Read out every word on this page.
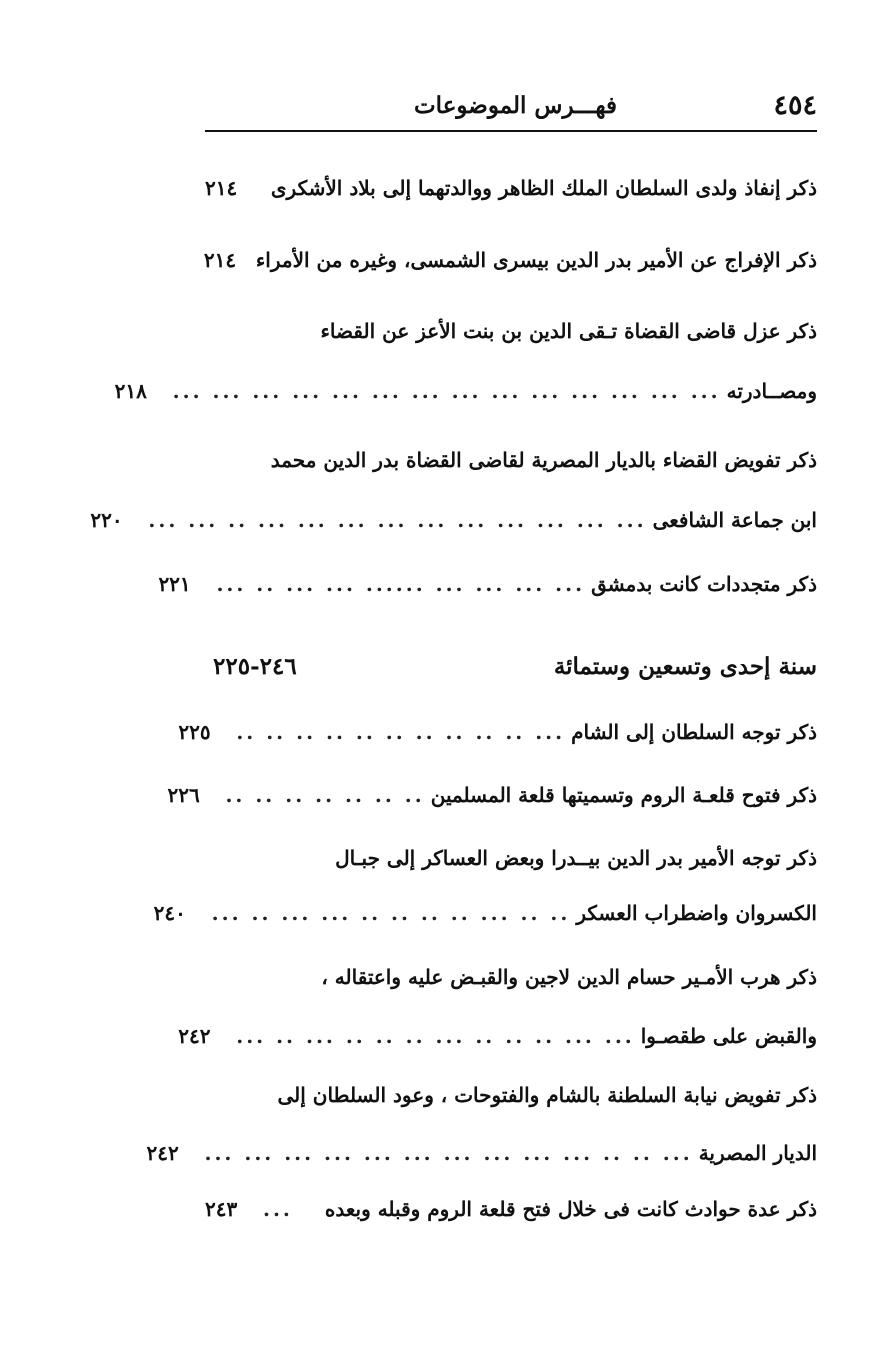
٤٥٤
فهـــرس الموضوعات
ذكر إنفاذ ولدى السلطان الملك الظاهر ووالدتهما إلى بلاد الأشكرى
٢١٤
ذكر الإفراج عن الأمير بدر الدين بيسرى الشمسى، وغيره من الأمراء
٢١٤
ذكر عزل قاضى القضاة تـقى الدين بن بنت الأعز عن القضاء
ومصــادرته
... ... ... ... ... ... ... ... ... ... ... ... ... ...
٢١٨
ذكر تفويض القضاء بالديار المصرية لقاضى القضاة بدر الدين محمد
ابن جماعة الشافعى
... ... ... ... ... ... ... ... ... ... .. ... ...
٢٢٠
ذكر متجددات كانت بدمشق
... ... ... ... ...... ... ... .. ...
٢٢١
سنة إحدى وتسعين وستمائة
٢٤٦-٢٢٥
ذكر توجه السلطان إلى الشام
... .. .. .. .. .. .. .. .. .. ..
٢٢٥
ذكر فتوح قلعـة الروم وتسميتها قلعة المسلمين
.. .. .. .. .. .. ..
٢٢٦
ذكر توجه الأمير بدر الدين بيــدرا وبعض العساكر إلى جبـال
الكسروان واضطراب العسكر
.. .. ... .. .. .. .. ... ... .. ...
٢٤٠
ذكر هرب الأمـير حسام الدين لاجين والقبـض عليه واعتقاله ،
والقبض على طقصـوا
... ... .. .. .. ... .. .. .. ... .. ...
٢٤٢
ذكر تفويض نيابة السلطنة بالشام والفتوحات ، وعود السلطان إلى
الديار المصرية
... .. .. ... ... ... ... ... ... ... ... ... ...
٢٤٢
ذكر عدة حوادث كانت فى خلال فتح قلعة الروم وقبله وبعده
...
٢٤٣
